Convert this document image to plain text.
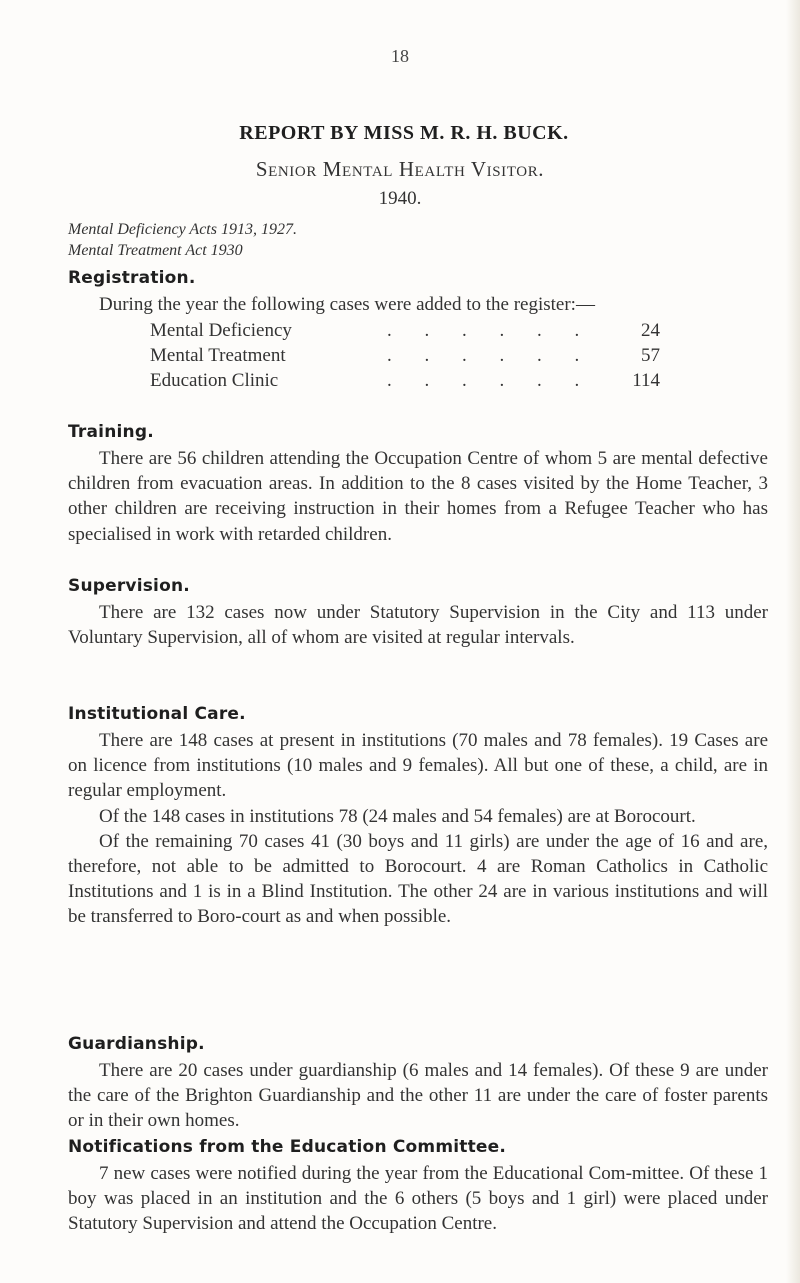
18
REPORT BY MISS M. R. H. BUCK.
Senior Mental Health Visitor.
1940.
Mental Deficiency Acts 1913, 1927.
Mental Treatment Act 1930
Registration.
During the year the following cases were added to the register:—
Mental Deficiency	. . . . . .	24
Mental Treatment	. . . . . .	57
Education Clinic	. . . . . .	114
Training.

There are 56 children attending the Occupation Centre of whom 5 are mental defective children from evacuation areas. In addition to the 8 cases visited by the Home Teacher, 3 other children are receiving instruction in their homes from a Refugee Teacher who has specialised in work with retarded children.

Supervision.

There are 132 cases now under Statutory Supervision in the City and 113 under Voluntary Supervision, all of whom are visited at regular intervals.

Institutional Care.

There are 148 cases at present in institutions (70 males and 78 females). 19 Cases are on licence from institutions (10 males and 9 females). All but one of these, a child, are in regular employment.

Of the 148 cases in institutions 78 (24 males and 54 females) are at Borocourt.

Of the remaining 70 cases 41 (30 boys and 11 girls) are under the age of 16 and are, therefore, not able to be admitted to Borocourt. 4 are Roman Catholics in Catholic Institutions and 1 is in a Blind Institution. The other 24 are in various institutions and will be transferred to Boro-court as and when possible.

Guardianship.

There are 20 cases under guardianship (6 males and 14 females). Of these 9 are under the care of the Brighton Guardianship and the other 11 are under the care of foster parents or in their own homes.

Notifications from the Education Committee.

7 new cases were notified during the year from the Educational Com-mittee. Of these 1 boy was placed in an institution and the 6 others (5 boys and 1 girl) were placed under Statutory Supervision and attend the Occupation Centre.
